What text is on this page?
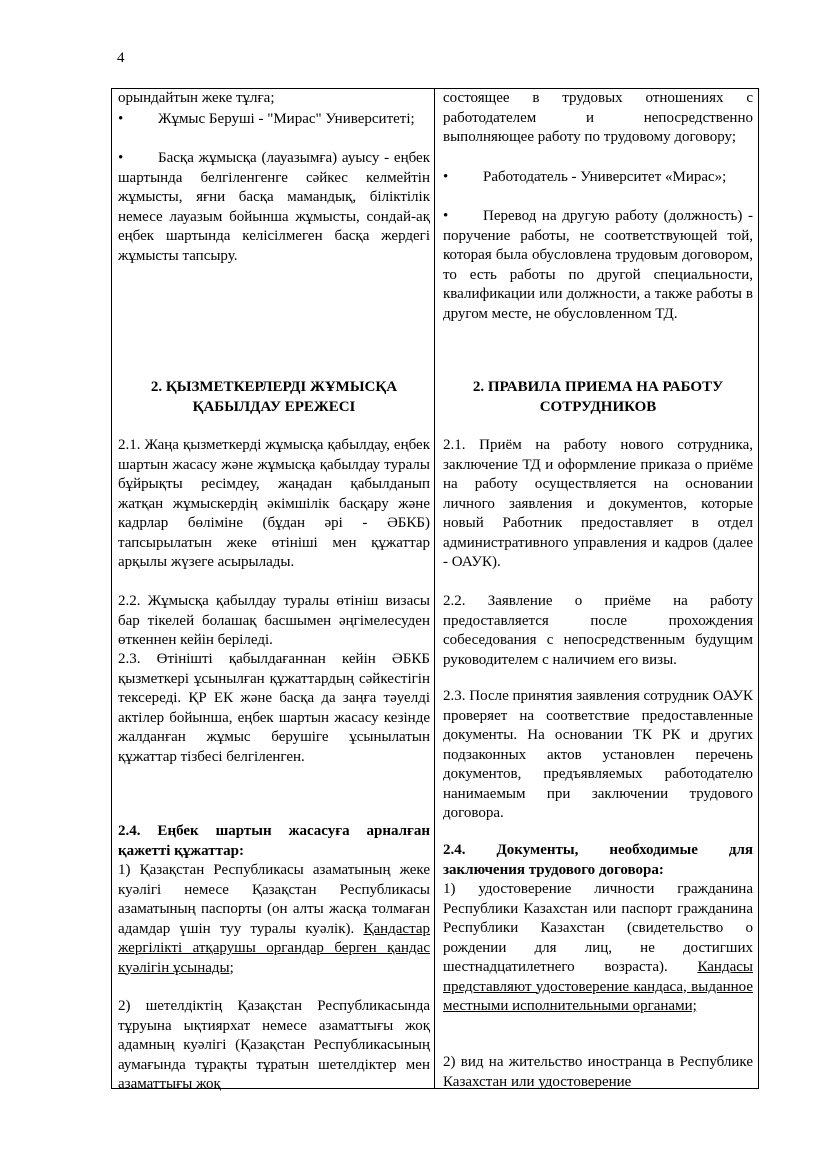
4

орындайтын жеке тұлға;

• Жұмыс Беруші - "Мирас" Университеті;

• Басқа жұмысқа (лауазымға) ауысу - еңбек шартында белгіленгенге сәйкес келмейтін жұмысты, яғни басқа мамандық, біліктілік немесе лауазым бойынша жұмысты, сондай-ақ еңбек шартында келісілмеген басқа жердегі жұмысты тапсыру.

2. ҚЫЗМЕТКЕРЛЕРДІ ЖҰМЫСҚА ҚАБЫЛДАУ ЕРЕЖЕСІ

2.1. Жаңа қызметкерді жұмысқа қабылдау, еңбек шартын жасасу және жұмысқа қабылдау туралы бұйрықты ресімдеу, жаңадан қабылданып жатқан жұмыскердің әкімшілік басқару және кадрлар бөліміне (бұдан әрі - ӘБКБ) тапсырылатын жеке өтініші мен құжаттар арқылы жүзеге асырылады.

2.2. Жұмысқа қабылдау туралы өтініш визасы бар тікелей болашақ басшымен әңгімелесуден өткеннен кейін беріледі.

2.3. Өтінішті қабылдағаннан кейін ӘБКБ қызметкері ұсынылған құжаттардың сәйкестігін тексереді. ҚР ЕК және басқа да заңға тәуелді актілер бойынша, еңбек шартын жасасу кезінде жалданған жұмыс берушіге ұсынылатын құжаттар тізбесі белгіленген.

2.4. Еңбек шартын жасасуға арналған қажетті құжаттар:

1) Қазақстан Республикасы азаматының жеке куәлігі немесе Қазақстан Республикасы азаматының паспорты (он алты жасқа толмаған адамдар үшін туу туралы куәлік). Қандастар жергілікті атқарушы органдар берген қандас куәлігін ұсынады;

2) шетелдіктің Қазақстан Республикасында тұруына ықтиярхат немесе азаматтығы жоқ адамның куәлігі (Қазақстан Республикасының аумағында тұрақты тұратын шетелдіктер мен азаматтығы жоқ

состоящее в трудовых отношениях с работодателем и непосредственно выполняющее работу по трудовому договору;

• Работодатель - Университет «Мирас»;

• Перевод на другую работу (должность) - поручение работы, не соответствующей той, которая была обусловлена трудовым договором, то есть работы по другой специальности, квалификации или должности, а также работы в другом месте, не обусловленном ТД.

2. ПРАВИЛА ПРИЕМА НА РАБОТУ СОТРУДНИКОВ

2.1. Приём на работу нового сотрудника, заключение ТД и оформление приказа о приёме на работу осуществляется на основании личного заявления и документов, которые новый Работник предоставляет в отдел административного управления и кадров (далее - ОАУК).

2.2. Заявление о приёме на работу предоставляется после прохождения собеседования с непосредственным будущим руководителем с наличием его визы.

2.3. После принятия заявления сотрудник ОАУК проверяет на соответствие предоставленные документы. На основании ТК РК и других подзаконных актов установлен перечень документов, предъявляемых работодателю нанимаемым при заключении трудового договора.

2.4. Документы, необходимые для заключения трудового договора:

1) удостоверение личности гражданина Республики Казахстан или паспорт гражданина Республики Казахстан (свидетельство о рождении для лиц, не достигших шестнадцатилетнего возраста). Кандасы представляют удостоверение кандаса, выданное местными исполнительными органами;

2) вид на жительство иностранца в Республике Казахстан или удостоверение
